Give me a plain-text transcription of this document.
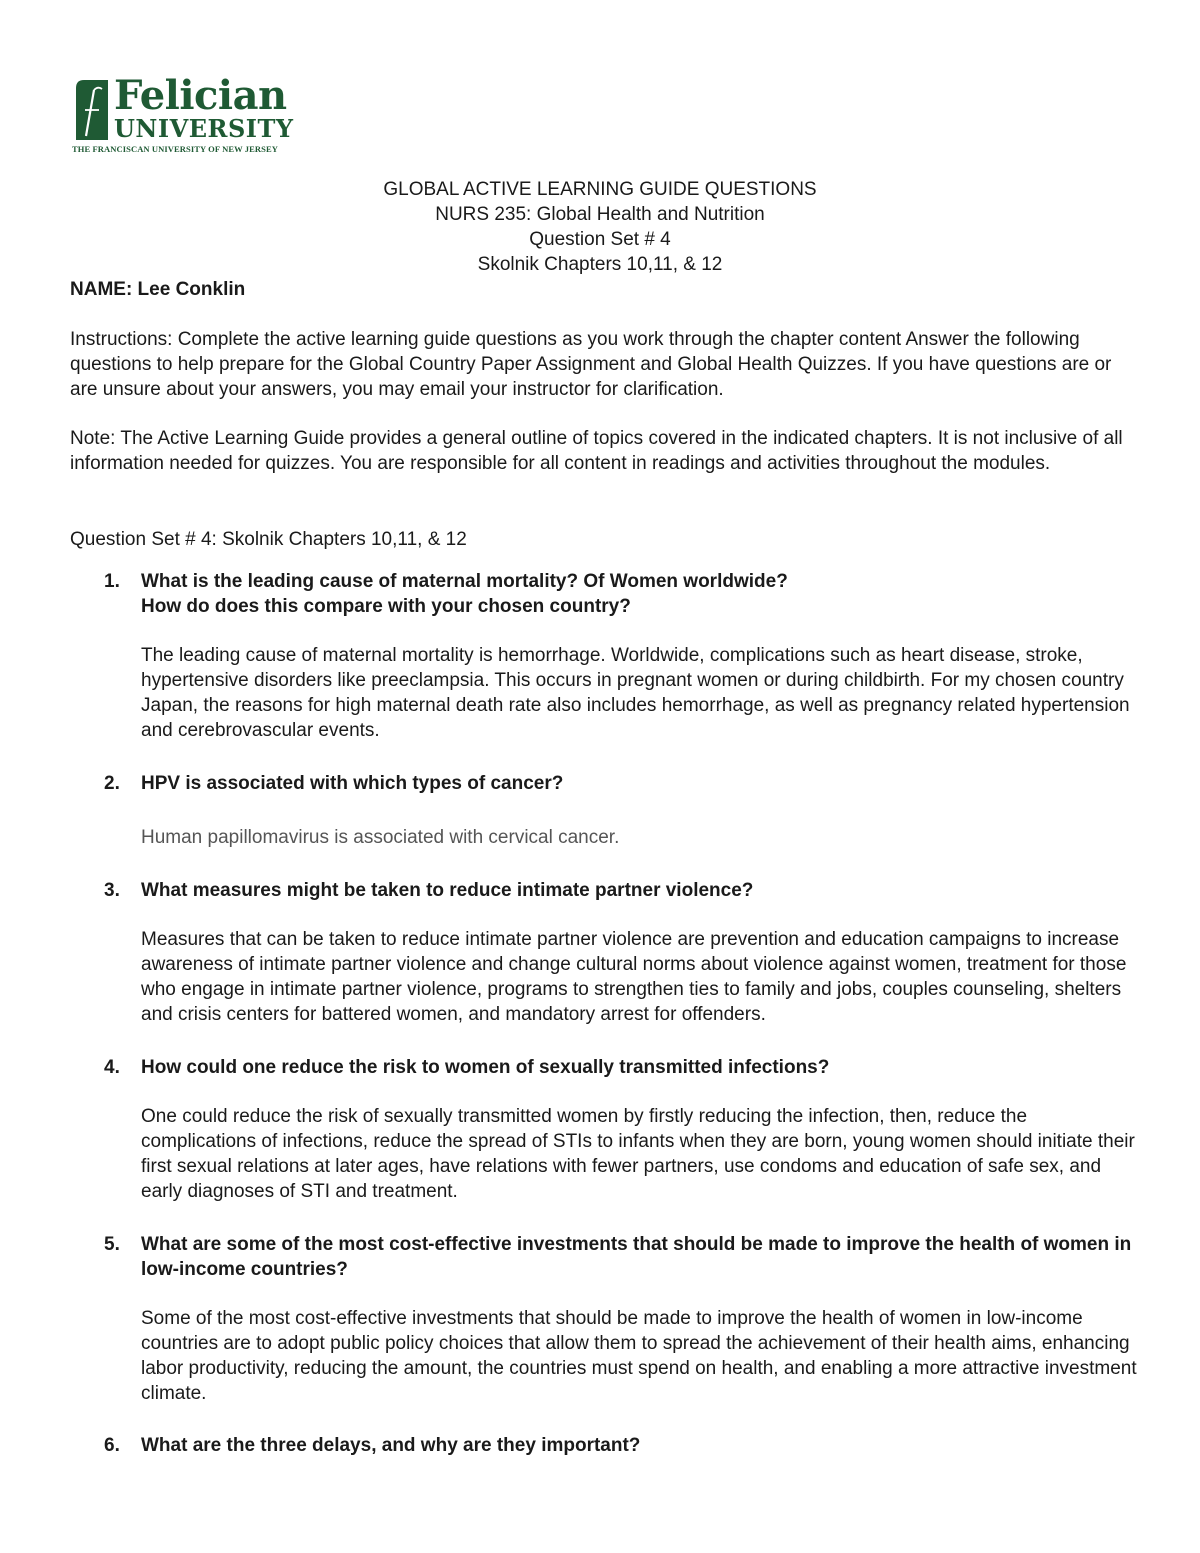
Felician
UNIVERSITY
THE FRANCISCAN UNIVERSITY OF NEW JERSEY
GLOBAL ACTIVE LEARNING GUIDE QUESTIONS
NURS 235: Global Health and Nutrition
Question Set # 4
Skolnik Chapters 10,11, & 12
NAME: Lee Conklin
Instructions: Complete the active learning guide questions as you work through the chapter content Answer the following questions to help prepare for the Global Country Paper Assignment and Global Health Quizzes. If you have questions are or are unsure about your answers, you may email your instructor for clarification.
Note: The Active Learning Guide provides a general outline of topics covered in the indicated chapters. It is not inclusive of all information needed for quizzes. You are responsible for all content in readings and activities throughout the modules.
Question Set # 4: Skolnik Chapters 10,11, & 12
1. What is the leading cause of maternal mortality? Of Women worldwide?
How do does this compare with your chosen country?
The leading cause of maternal mortality is hemorrhage. Worldwide, complications such as heart disease, stroke, hypertensive disorders like preeclampsia. This occurs in pregnant women or during childbirth. For my chosen country Japan, the reasons for high maternal death rate also includes hemorrhage, as well as pregnancy related hypertension and cerebrovascular events.
2. HPV is associated with which types of cancer?
Human papillomavirus is associated with cervical cancer.
3. What measures might be taken to reduce intimate partner violence?
Measures that can be taken to reduce intimate partner violence are prevention and education campaigns to increase awareness of intimate partner violence and change cultural norms about violence against women, treatment for those who engage in intimate partner violence, programs to strengthen ties to family and jobs, couples counseling, shelters and crisis centers for battered women, and mandatory arrest for offenders.
4. How could one reduce the risk to women of sexually transmitted infections?
One could reduce the risk of sexually transmitted women by firstly reducing the infection, then, reduce the complications of infections, reduce the spread of STIs to infants when they are born, young women should initiate their first sexual relations at later ages, have relations with fewer partners, use condoms and education of safe sex, and early diagnoses of STI and treatment.
5. What are some of the most cost-effective investments that should be made to improve the health of women in low-income countries?
Some of the most cost-effective investments that should be made to improve the health of women in low-income countries are to adopt public policy choices that allow them to spread the achievement of their health aims, enhancing labor productivity, reducing the amount, the countries must spend on health, and enabling a more attractive investment climate.
6. What are the three delays, and why are they important?
